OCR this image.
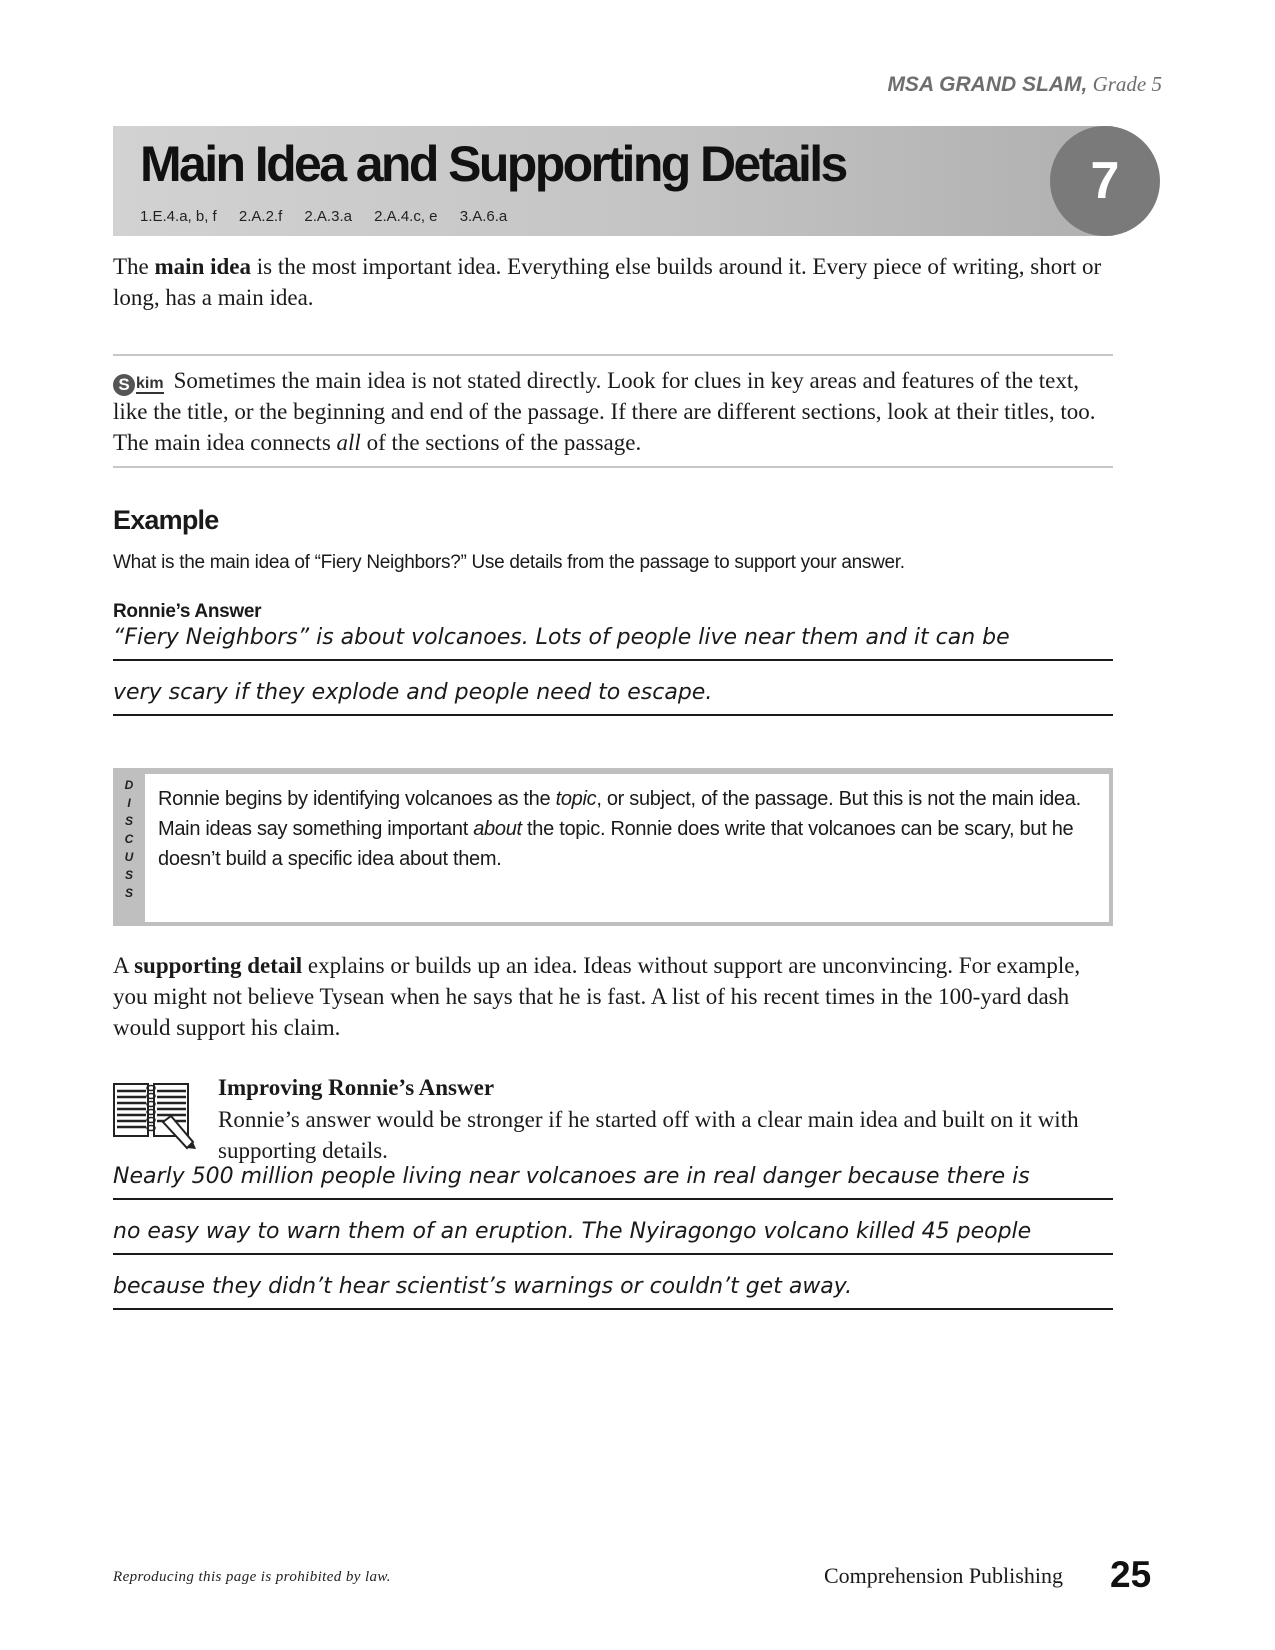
MSA GRAND SLAM, Grade 5
Main Idea and Supporting Details
1.E.4.a, b, f 2.A.2.f 2.A.3.a 2.A.4.c, e 3.A.6.a
7
The main idea is the most important idea. Everything else builds around it. Every piece of writing, short or long, has a main idea.
S kim Sometimes the main idea is not stated directly. Look for clues in key areas and features of the text, like the title, or the beginning and end of the passage. If there are different sections, look at their titles, too. The main idea connects all of the sections of the passage.
Example
What is the main idea of “Fiery Neighbors?” Use details from the passage to support your answer.
Ronnie’s Answer
“Fiery Neighbors” is about volcanoes. Lots of people live near them and it can be
very scary if they explode and people need to escape.
D
I
S
C
U
S
S
Ronnie begins by identifying volcanoes as the topic, or subject, of the passage. But this is not the main idea. Main ideas say something important about the topic. Ronnie does write that volcanoes can be scary, but he doesn’t build a specific idea about them.
A supporting detail explains or builds up an idea. Ideas without support are unconvincing. For example, you might not believe Tysean when he says that he is fast. A list of his recent times in the 100-yard dash would support his claim.
Improving Ronnie’s Answer
Ronnie’s answer would be stronger if he started off with a clear main idea and built on it with supporting details.
Nearly 500 million people living near volcanoes are in real danger because there is
no easy way to warn them of an eruption. The Nyiragongo volcano killed 45 people
because they didn’t hear scientist’s warnings or couldn’t get away.
Reproducing this page is prohibited by law.	Comprehension Publishing 25
